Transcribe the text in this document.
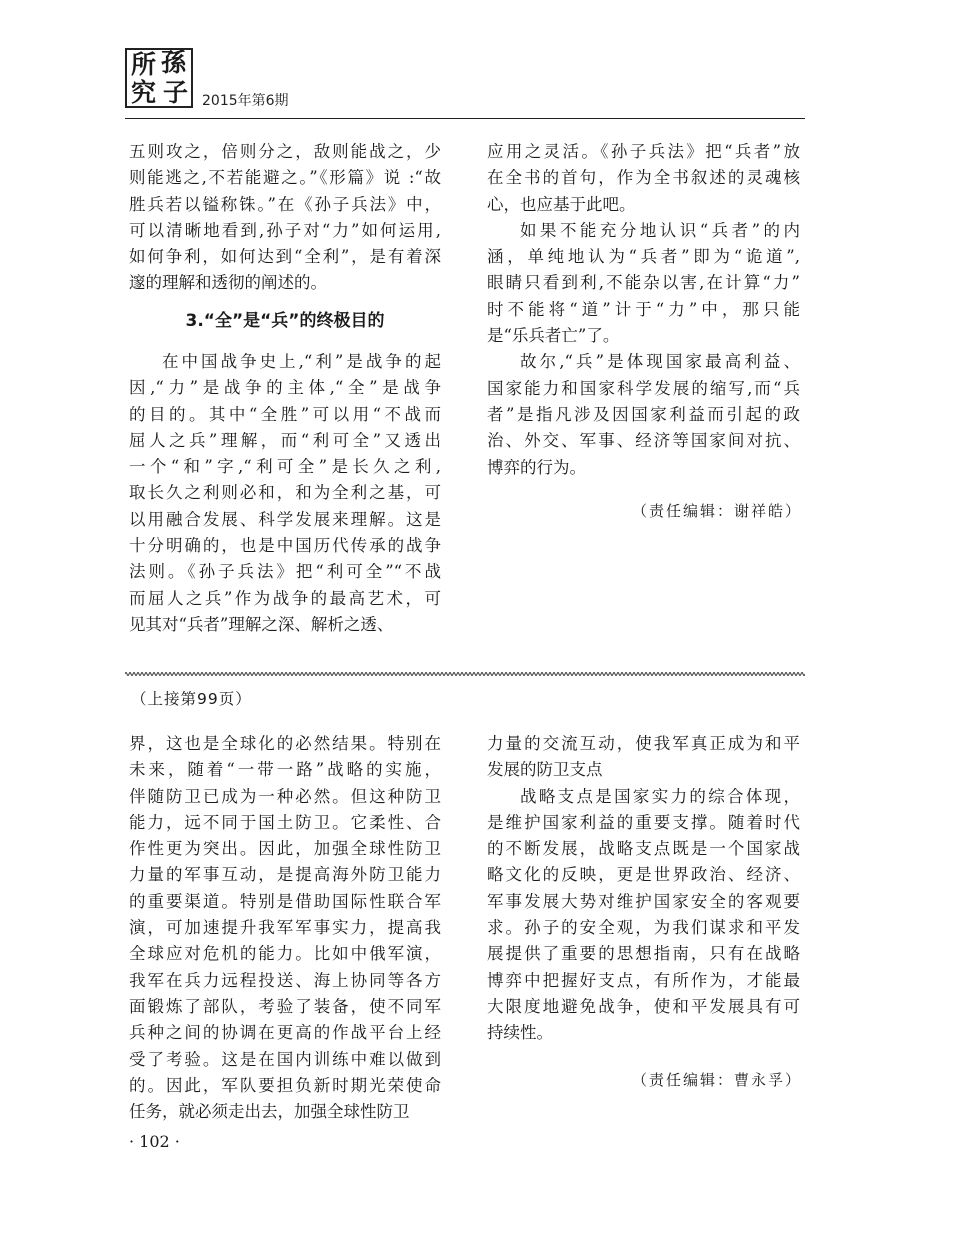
所 孫
究 子 2015年第6期
五则攻之，倍则分之，敌则能战之，少
则能逃之,不若能避之。”《形篇》说 :“故
胜兵若以镒称铢。”在《孙子兵法》中，
可以清晰地看到,孙子对“力”如何运用,
如何争利，如何达到“全利”，是有着深
邃的理解和透彻的阐述的。
3.“全”是“兵”的终极目的
在中国战争史上,“利”是战争的起
因,“力”是战争的主体,“全”是战争
的目的。其中“全胜”可以用“不战而
屈人之兵”理解，而“利可全”又透出
一个“和”字,“利可全”是长久之利,
取长久之利则必和，和为全利之基，可
以用融合发展、科学发展来理解。这是
十分明确的，也是中国历代传承的战争
法则。《孙子兵法》把“利可全”“不战
而屈人之兵”作为战争的最高艺术，可
见其对“兵者”理解之深、解析之透、
应用之灵活。《孙子兵法》把“兵者”放
在全书的首句，作为全书叙述的灵魂核
心，也应基于此吧。
如果不能充分地认识“兵者”的内
涵，单纯地认为“兵者”即为“诡道”,
眼睛只看到利,不能杂以害,在计算“力”
时不能将“道”计于“力”中，那只能
是“乐兵者亡”了。
故尔,“兵”是体现国家最高利益、
国家能力和国家科学发展的缩写,而“兵
者”是指凡涉及因国家利益而引起的政
治、外交、军事、经济等国家间对抗、
博弈的行为。
（责任编辑：谢祥皓）
（上接第99页）
界，这也是全球化的必然结果。特别在
未来，随着“一带一路”战略的实施，
伴随防卫已成为一种必然。但这种防卫
能力，远不同于国土防卫。它柔性、合
作性更为突出。因此，加强全球性防卫
力量的军事互动，是提高海外防卫能力
的重要渠道。特别是借助国际性联合军
演，可加速提升我军军事实力，提高我
全球应对危机的能力。比如中俄军演，
我军在兵力远程投送、海上协同等各方
面锻炼了部队，考验了装备，使不同军
兵种之间的协调在更高的作战平台上经
受了考验。这是在国内训练中难以做到
的。因此，军队要担负新时期光荣使命
任务，就必须走出去，加强全球性防卫
力量的交流互动，使我军真正成为和平
发展的防卫支点
战略支点是国家实力的综合体现，
是维护国家利益的重要支撑。随着时代
的不断发展，战略支点既是一个国家战
略文化的反映，更是世界政治、经济、
军事发展大势对维护国家安全的客观要
求。孙子的安全观，为我们谋求和平发
展提供了重要的思想指南，只有在战略
博弈中把握好支点，有所作为，才能最
大限度地避免战争，使和平发展具有可
持续性。
（责任编辑：曹永孚）
· 102 ·
